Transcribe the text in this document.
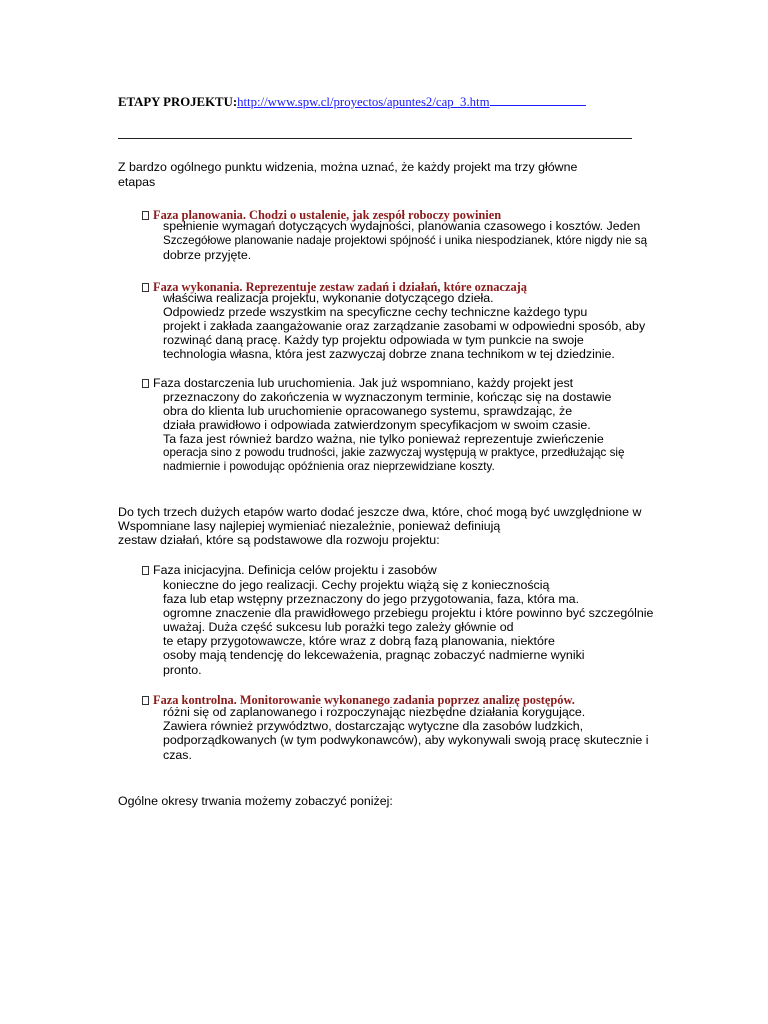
ETAPY PROJEKTU:http://www.spw.cl/proyectos/apuntes2/cap_3.htm
Z bardzo ogólnego punktu widzenia, można uznać, że każdy projekt ma trzy główne
etapas
Faza planowania. Chodzi o ustalenie, jak zespół roboczy powinien
spełnienie wymagań dotyczących wydajności, planowania czasowego i kosztów. Jeden
Szczegółowe planowanie nadaje projektowi spójność i unika niespodzianek, które nigdy nie są
dobrze przyjęte.
Faza wykonania. Reprezentuje zestaw zadań i działań, które oznaczają
właściwa realizacja projektu, wykonanie dotyczącego dzieła.
Odpowiedz przede wszystkim na specyficzne cechy techniczne każdego typu
projekt i zakłada zaangażowanie oraz zarządzanie zasobami w odpowiedni sposób, aby
rozwinąć daną pracę. Każdy typ projektu odpowiada w tym punkcie na swoje
technologia własna, która jest zazwyczaj dobrze znana technikom w tej dziedzinie.
Faza dostarczenia lub uruchomienia. Jak już wspomniano, każdy projekt jest
przeznaczony do zakończenia w wyznaczonym terminie, kończąc się na dostawie
obra do klienta lub uruchomienie opracowanego systemu, sprawdzając, że
działa prawidłowo i odpowiada zatwierdzonym specyfikacjom w swoim czasie.
Ta faza jest również bardzo ważna, nie tylko ponieważ reprezentuje zwieńczenie
operacja sino z powodu trudności, jakie zazwyczaj występują w praktyce, przedłużając się
nadmiernie i powodując opóźnienia oraz nieprzewidziane koszty.
Do tych trzech dużych etapów warto dodać jeszcze dwa, które, choć mogą być uwzględnione w
Wspomniane lasy najlepiej wymieniać niezależnie, ponieważ definiują
zestaw działań, które są podstawowe dla rozwoju projektu:
Faza inicjacyjna. Definicja celów projektu i zasobów
konieczne do jego realizacji. Cechy projektu wiążą się z koniecznością
faza lub etap wstępny przeznaczony do jego przygotowania, faza, która ma.
ogromne znaczenie dla prawidłowego przebiegu projektu i które powinno być szczególnie
uważaj. Duża część sukcesu lub porażki tego zależy głównie od
te etapy przygotowawcze, które wraz z dobrą fazą planowania, niektóre
osoby mają tendencję do lekceważenia, pragnąc zobaczyć nadmierne wyniki
pronto.
Faza kontrolna. Monitorowanie wykonanego zadania poprzez analizę postępów.
różni się od zaplanowanego i rozpoczynając niezbędne działania korygujące.
Zawiera również przywództwo, dostarczając wytyczne dla zasobów ludzkich,
podporządkowanych (w tym podwykonawców), aby wykonywali swoją pracę skutecznie i
czas.
Ogólne okresy trwania możemy zobaczyć poniżej:
